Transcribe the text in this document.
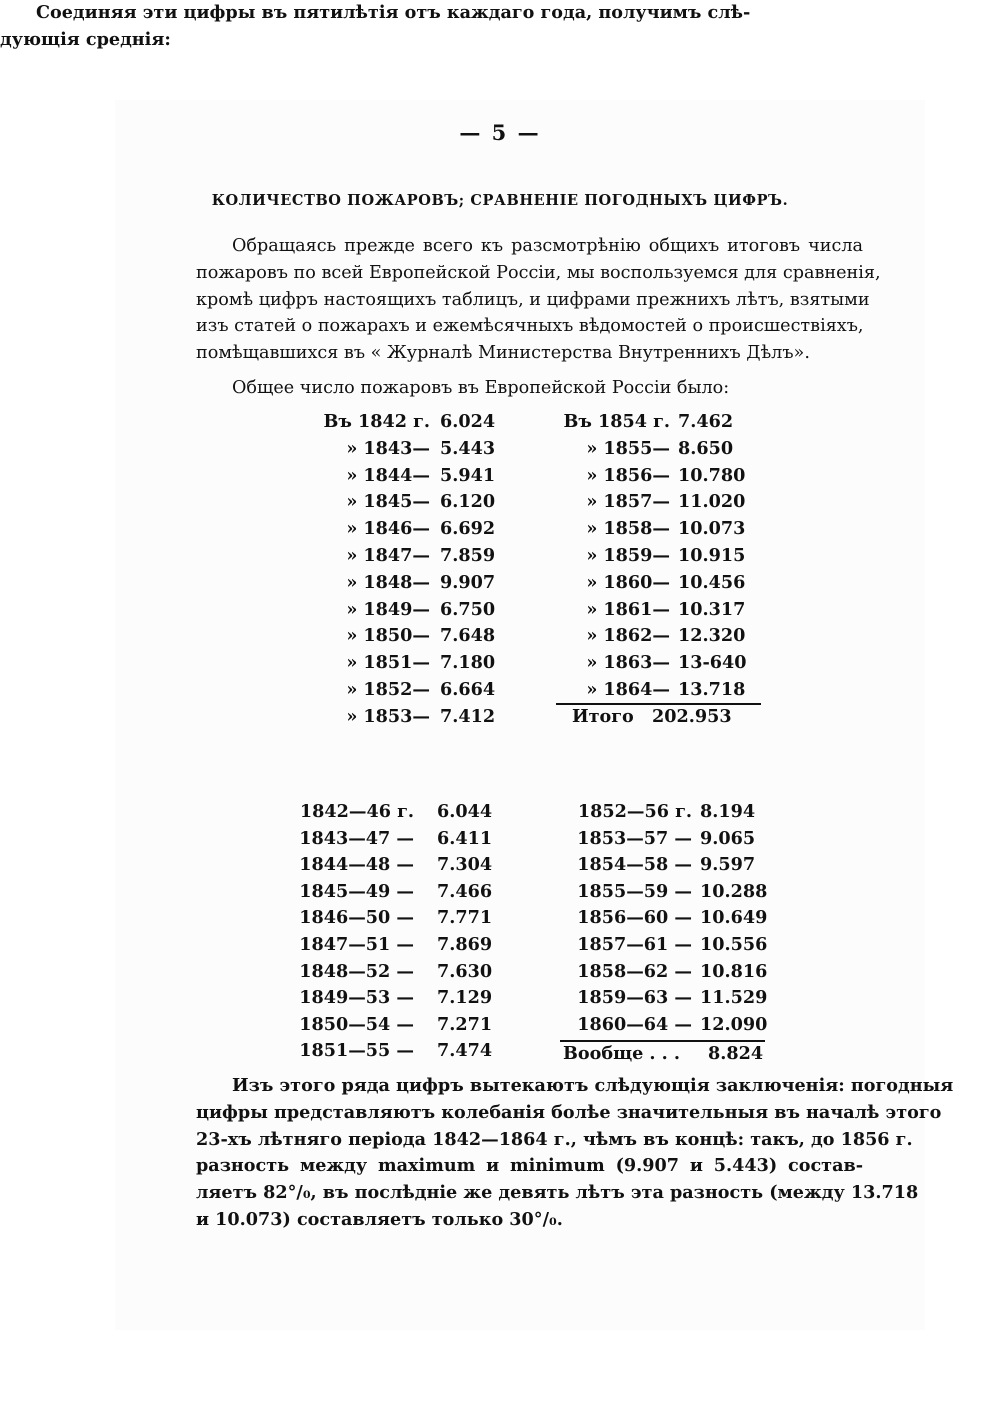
— 5 —
КОЛИЧЕСТВО ПОЖАРОВЪ; СРАВНЕНІЕ ПОГОДНЫХЪ ЦИФРЪ.
Обращаясь прежде всего къ разсмотрѣнію общихъ итоговъ числа
пожаровъ по всей Европейской Россіи, мы воспользуемся для сравненія,
кромѣ цифръ настоящихъ таблицъ, и цифрами прежнихъ лѣтъ, взятыми
изъ статей о пожарахъ и ежемѣсячныхъ вѣдомостей о происшествіяхъ,
помѣщавшихся въ « Журналѣ Министерства Внутреннихъ Дѣлъ».
Общее число пожаровъ въ Европейской Россіи было:
Итого 202.953
Соединяя эти цифры въ пятилѣтія отъ каждаго года, получимъ слѣ-
дующія среднія:
Вообще . . . 8.824
Изъ этого ряда цифръ вытекаютъ слѣдующія заключенія: погодныя
цифры представляютъ колебанія болѣе значительныя въ началѣ этого
23-хъ лѣтняго періода 1842—1864 г., чѣмъ въ концѣ: такъ, до 1856 г.
разность между maximum и minimum (9.907 и 5.443) состав-
ляетъ 82°/₀, въ послѣдніе же девять лѣтъ эта разность (между 13.718
и 10.073) составляетъ только 30°/₀.
Въ 1842 г. 6.024
» 1843— 5.443
» 1844— 5.941
» 1845— 6.120
» 1846— 6.692
» 1847— 7.859
» 1848— 9.907
» 1849— 6.750
» 1850— 7.648
» 1851— 7.180
» 1852— 6.664
» 1853— 7.412
Въ 1854 г. 7.462
» 1855— 8.650
» 1856— 10.780
» 1857— 11.020
» 1858— 10.073
» 1859— 10.915
» 1860— 10.456
» 1861— 10.317
» 1862— 12.320
» 1863— 13-640
» 1864— 13.718
1842—46 г. 6.044
1843—47 — 6.411
1844—48 — 7.304
1845—49 — 7.466
1846—50 — 7.771
1847—51 — 7.869
1848—52 — 7.630
1849—53 — 7.129
1850—54 — 7.271
1851—55 — 7.474
1852—56 г. 8.194
1853—57 — 9.065
1854—58 — 9.597
1855—59 — 10.288
1856—60 — 10.649
1857—61 — 10.556
1858—62 — 10.816
1859—63 — 11.529
1860—64 — 12.090
